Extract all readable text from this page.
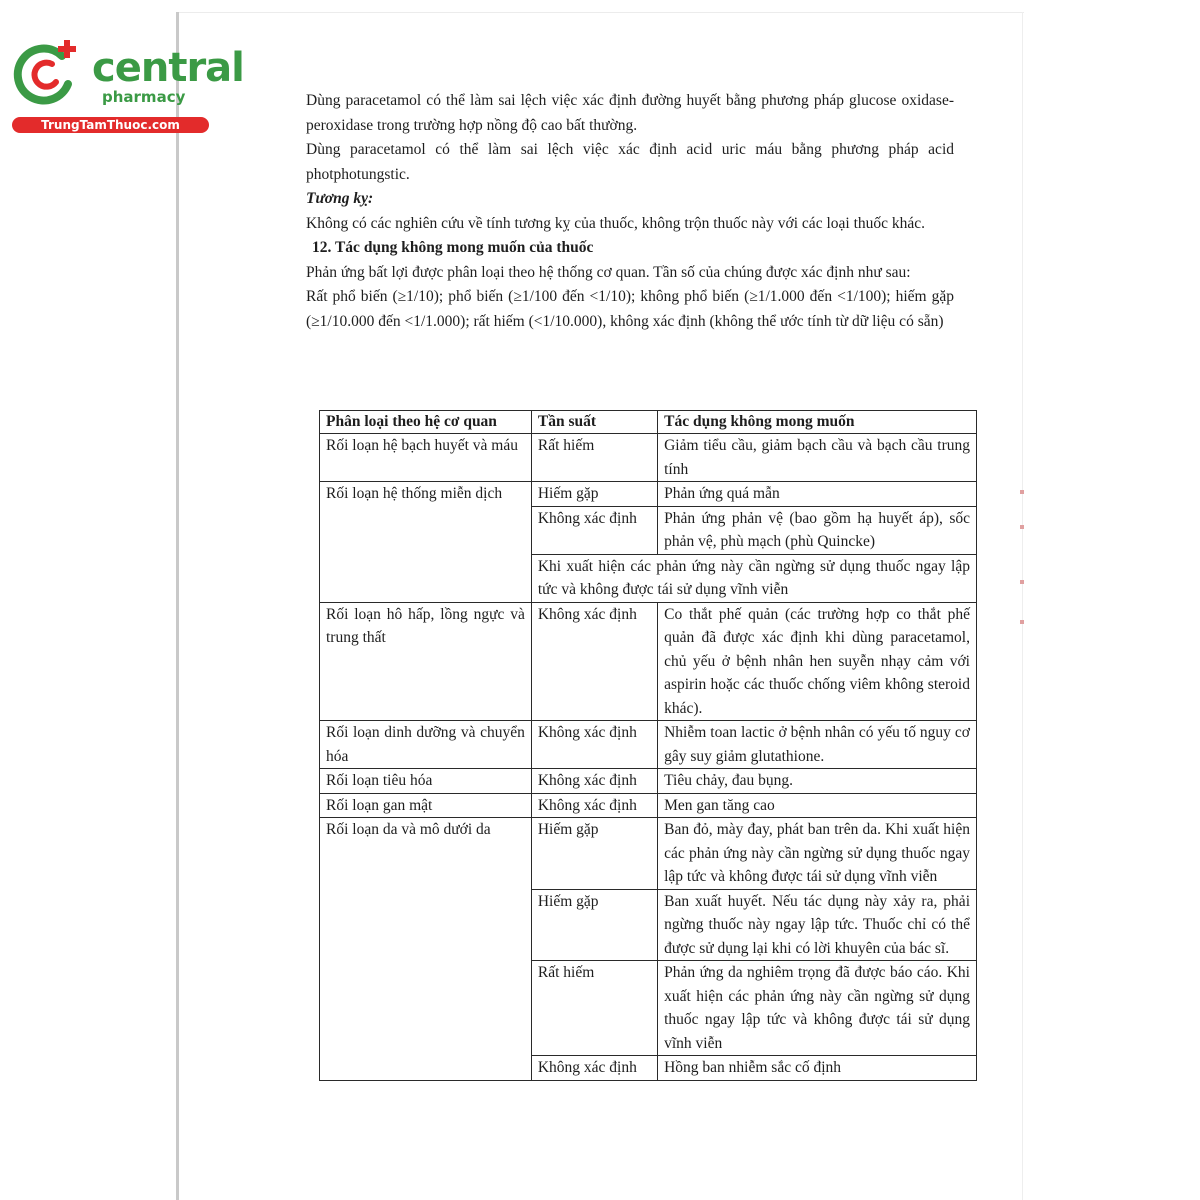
central
pharmacy
TrungTamThuoc.com

Dùng paracetamol có thể làm sai lệch việc xác định đường huyết bằng phương pháp glucose oxidase-peroxidase trong trường hợp nồng độ cao bất thường.

Dùng paracetamol có thể làm sai lệch việc xác định acid uric máu bằng phương pháp acid photphotungstic.

Tương kỵ:

Không có các nghiên cứu về tính tương kỵ của thuốc, không trộn thuốc này với các loại thuốc khác.

12. Tác dụng không mong muốn của thuốc

Phản ứng bất lợi được phân loại theo hệ thống cơ quan. Tần số của chúng được xác định như sau:

Rất phổ biến (≥1/10); phổ biến (≥1/100 đến <1/10); không phổ biến (≥1/1.000 đến <1/100); hiếm gặp (≥1/10.000 đến <1/1.000); rất hiếm (<1/10.000), không xác định (không thể ước tính từ dữ liệu có sẵn)

Phân loại theo hệ cơ quan	Tần suất	Tác dụng không mong muốn
Rối loạn hệ bạch huyết và máu	Rất hiếm	Giảm tiểu cầu, giảm bạch cầu và bạch cầu trung tính
Rối loạn hệ thống miễn dịch	Hiếm gặp	Phản ứng quá mẫn
	Không xác định	Phản ứng phản vệ (bao gồm hạ huyết áp), sốc phản vệ, phù mạch (phù Quincke)
	Khi xuất hiện các phản ứng này cần ngừng sử dụng thuốc ngay lập tức và không được tái sử dụng vĩnh viễn	
Rối loạn hô hấp, lồng ngực và trung thất	Không xác định	Co thắt phế quản (các trường hợp co thắt phế quản đã được xác định khi dùng paracetamol, chủ yếu ở bệnh nhân hen suyễn nhạy cảm với aspirin hoặc các thuốc chống viêm không steroid khác).
Rối loạn dinh dưỡng và chuyển hóa	Không xác định	Nhiễm toan lactic ở bệnh nhân có yếu tố nguy cơ gây suy giảm glutathione.
Rối loạn tiêu hóa	Không xác định	Tiêu chảy, đau bụng.
Rối loạn gan mật	Không xác định	Men gan tăng cao
Rối loạn da và mô dưới da	Hiếm gặp	Ban đỏ, mày đay, phát ban trên da. Khi xuất hiện các phản ứng này cần ngừng sử dụng thuốc ngay lập tức và không được tái sử dụng vĩnh viễn
	Hiếm gặp	Ban xuất huyết. Nếu tác dụng này xảy ra, phải ngừng thuốc này ngay lập tức. Thuốc chỉ có thể được sử dụng lại khi có lời khuyên của bác sĩ.
	Rất hiếm	Phản ứng da nghiêm trọng đã được báo cáo. Khi xuất hiện các phản ứng này cần ngừng sử dụng thuốc ngay lập tức và không được tái sử dụng vĩnh viễn
	Không xác định	Hồng ban nhiễm sắc cố định
